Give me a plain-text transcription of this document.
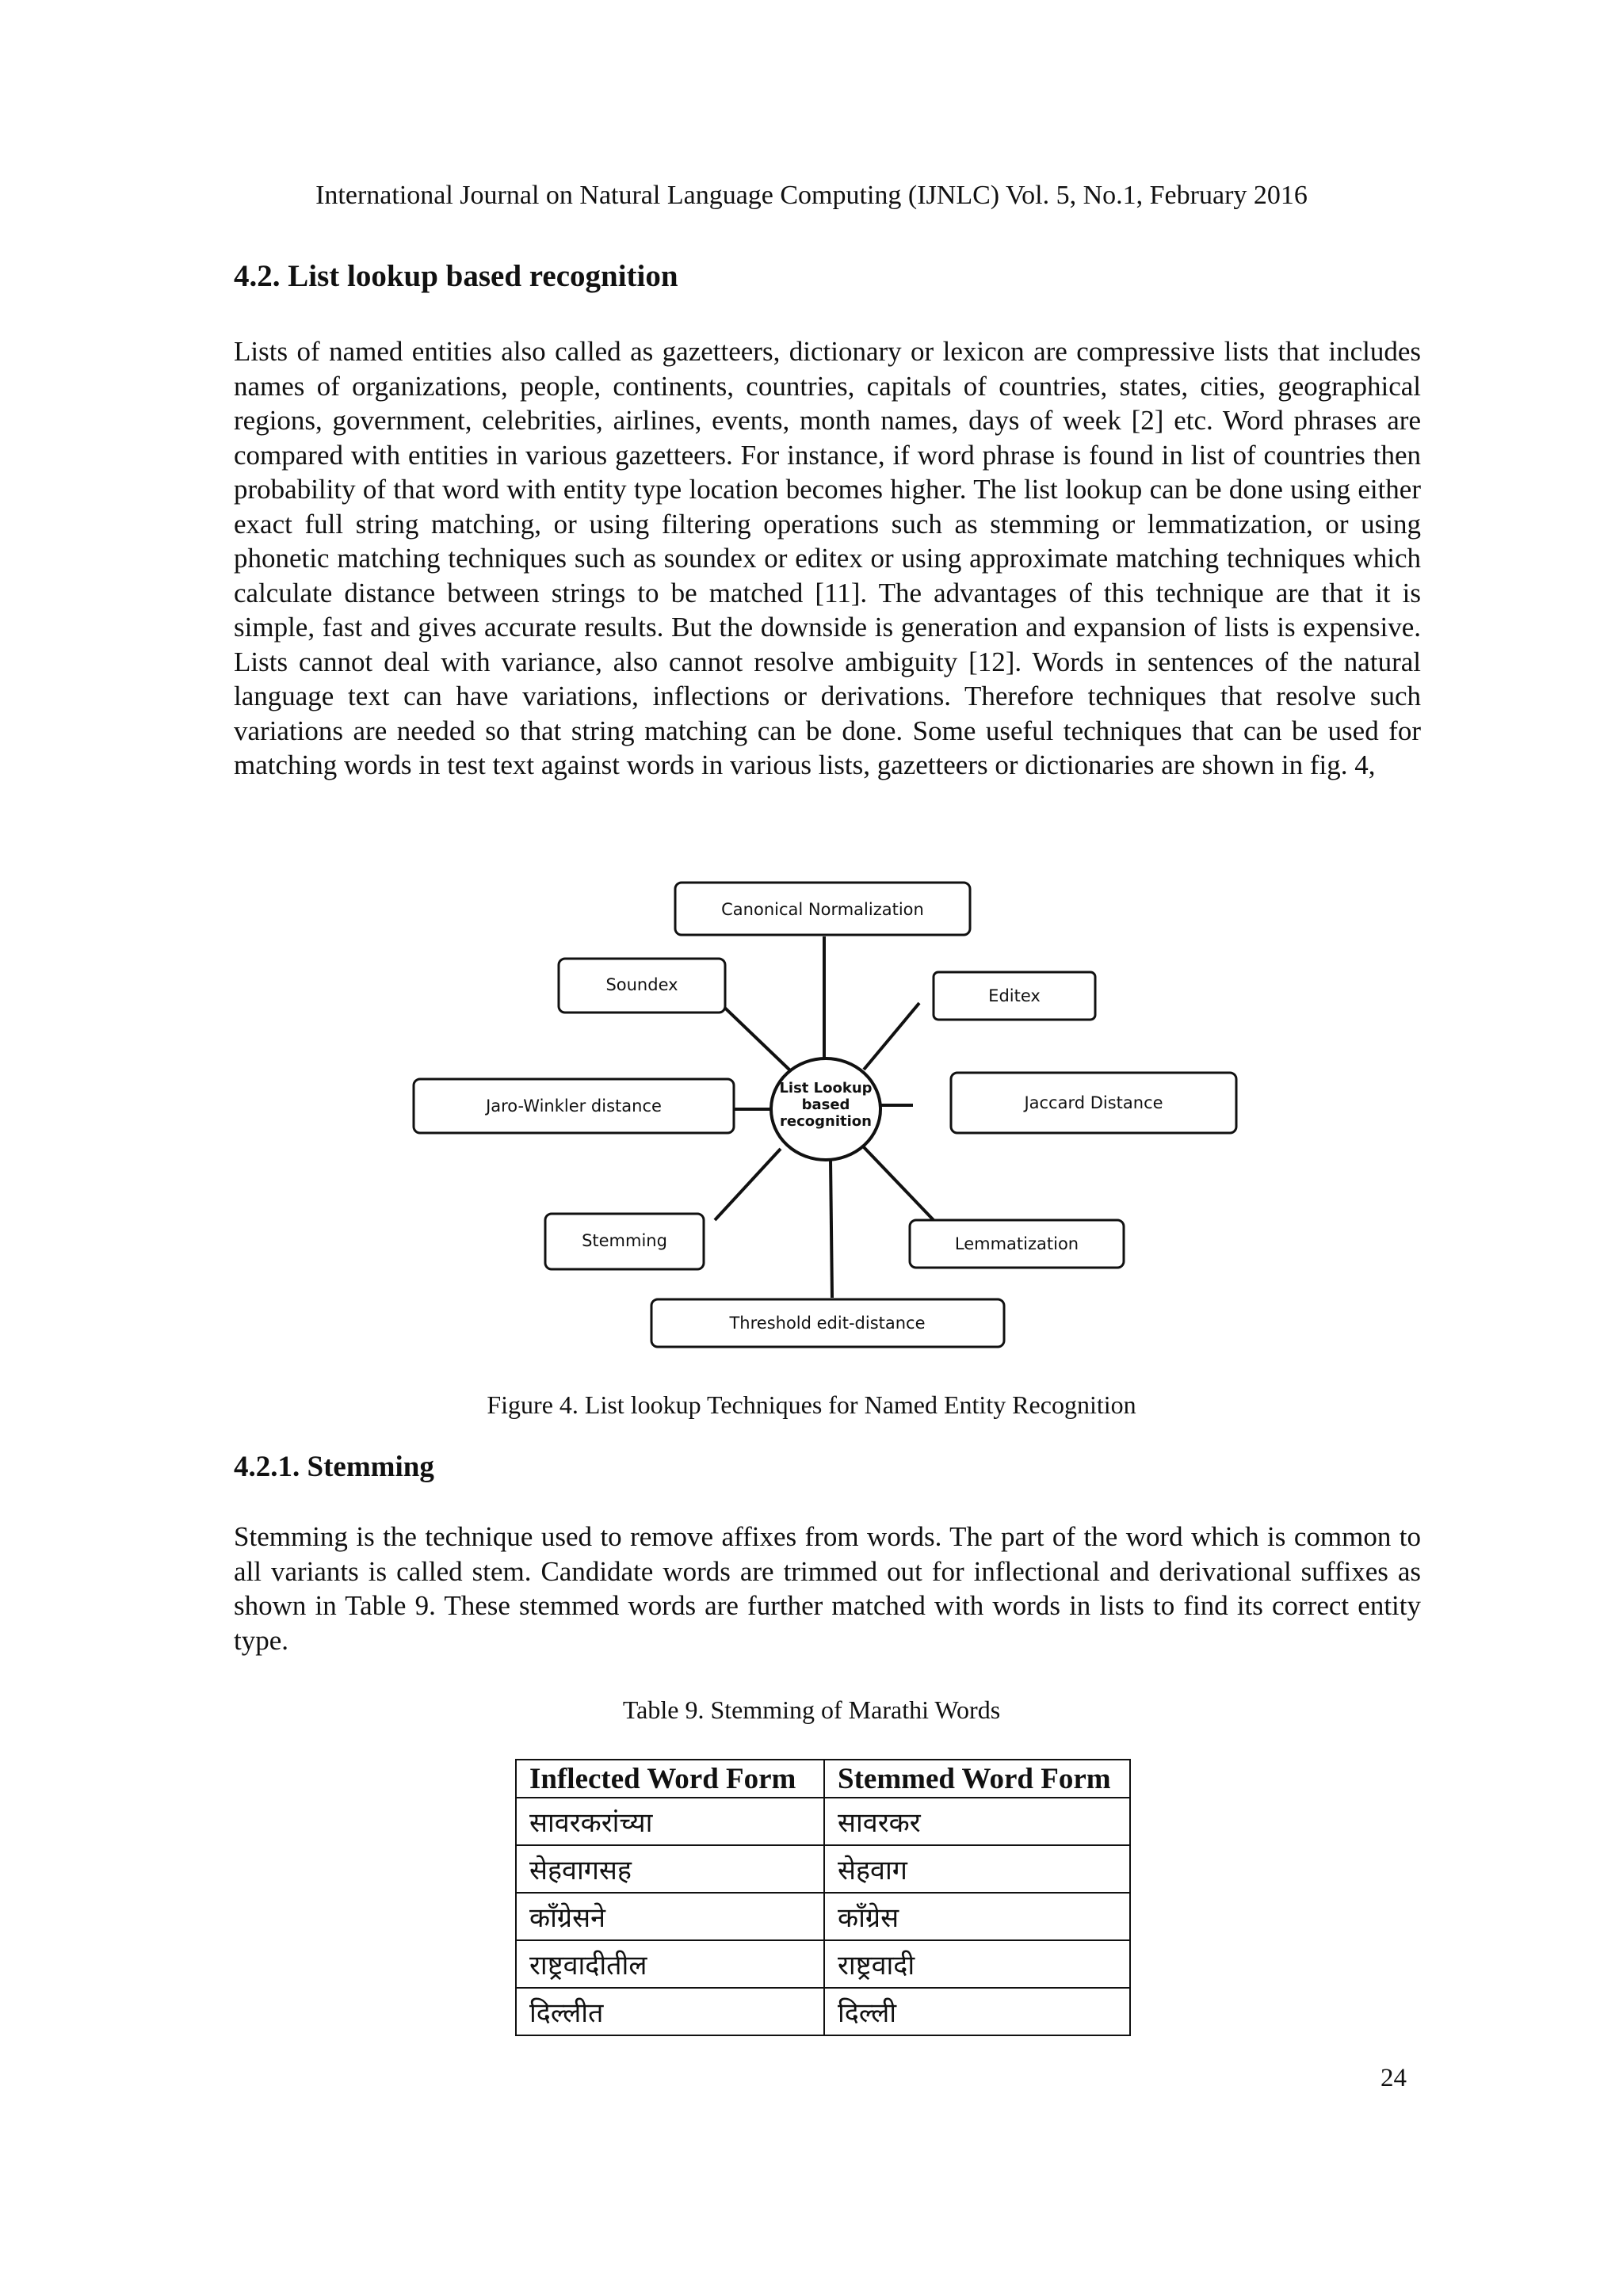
International Journal on Natural Language Computing (IJNLC) Vol. 5, No.1, February 2016
4.2. List lookup based recognition

Lists of named entities also called as gazetteers, dictionary or lexicon are compressive lists that includes names of organizations, people, continents, countries, capitals of countries, states, cities, geographical regions, government, celebrities, airlines, events, month names, days of week [2] etc. Word phrases are compared with entities in various gazetteers. For instance, if word phrase is found in list of countries then probability of that word with entity type location becomes higher. The list lookup can be done using either exact full string matching, or using filtering operations such as stemming or lemmatization, or using phonetic matching techniques such as soundex or editex or using approximate matching techniques which calculate distance between strings to be matched [11]. The advantages of this technique are that it is simple, fast and gives accurate results. But the downside is generation and expansion of lists is expensive. Lists cannot deal with variance, also cannot resolve ambiguity [12]. Words in sentences of the natural language text can have variations, inflections or derivations. Therefore techniques that resolve such variations are needed so that string matching can be done. Some useful techniques that can be used for matching words in test text against words in various lists, gazetteers or dictionaries are shown in fig. 4,

List Lookup
based
recognition
Canonical Normalization
Soundex
Editex
Jaro-Winkler distance	Jaccard Distance
Stemming	Lemmatization
Threshold edit-distance
Figure 4. List lookup Techniques for Named Entity Recognition
4.2.1. Stemming

Stemming is the technique used to remove affixes from words. The part of the word which is common to all variants is called stem. Candidate words are trimmed out for inflectional and derivational suffixes as shown in Table 9. These stemmed words are further matched with words in lists to find its correct entity type.

Table 9. Stemming of Marathi Words
Inflected Word Form	Stemmed Word Form
सावरकरांच्या	सावरकर
सेहवागसह	सेहवाग
काँग्रेसने	काँग्रेस
राष्ट्रवादीतील	राष्ट्रवादी
दिल्लीत	दिल्ली
24
